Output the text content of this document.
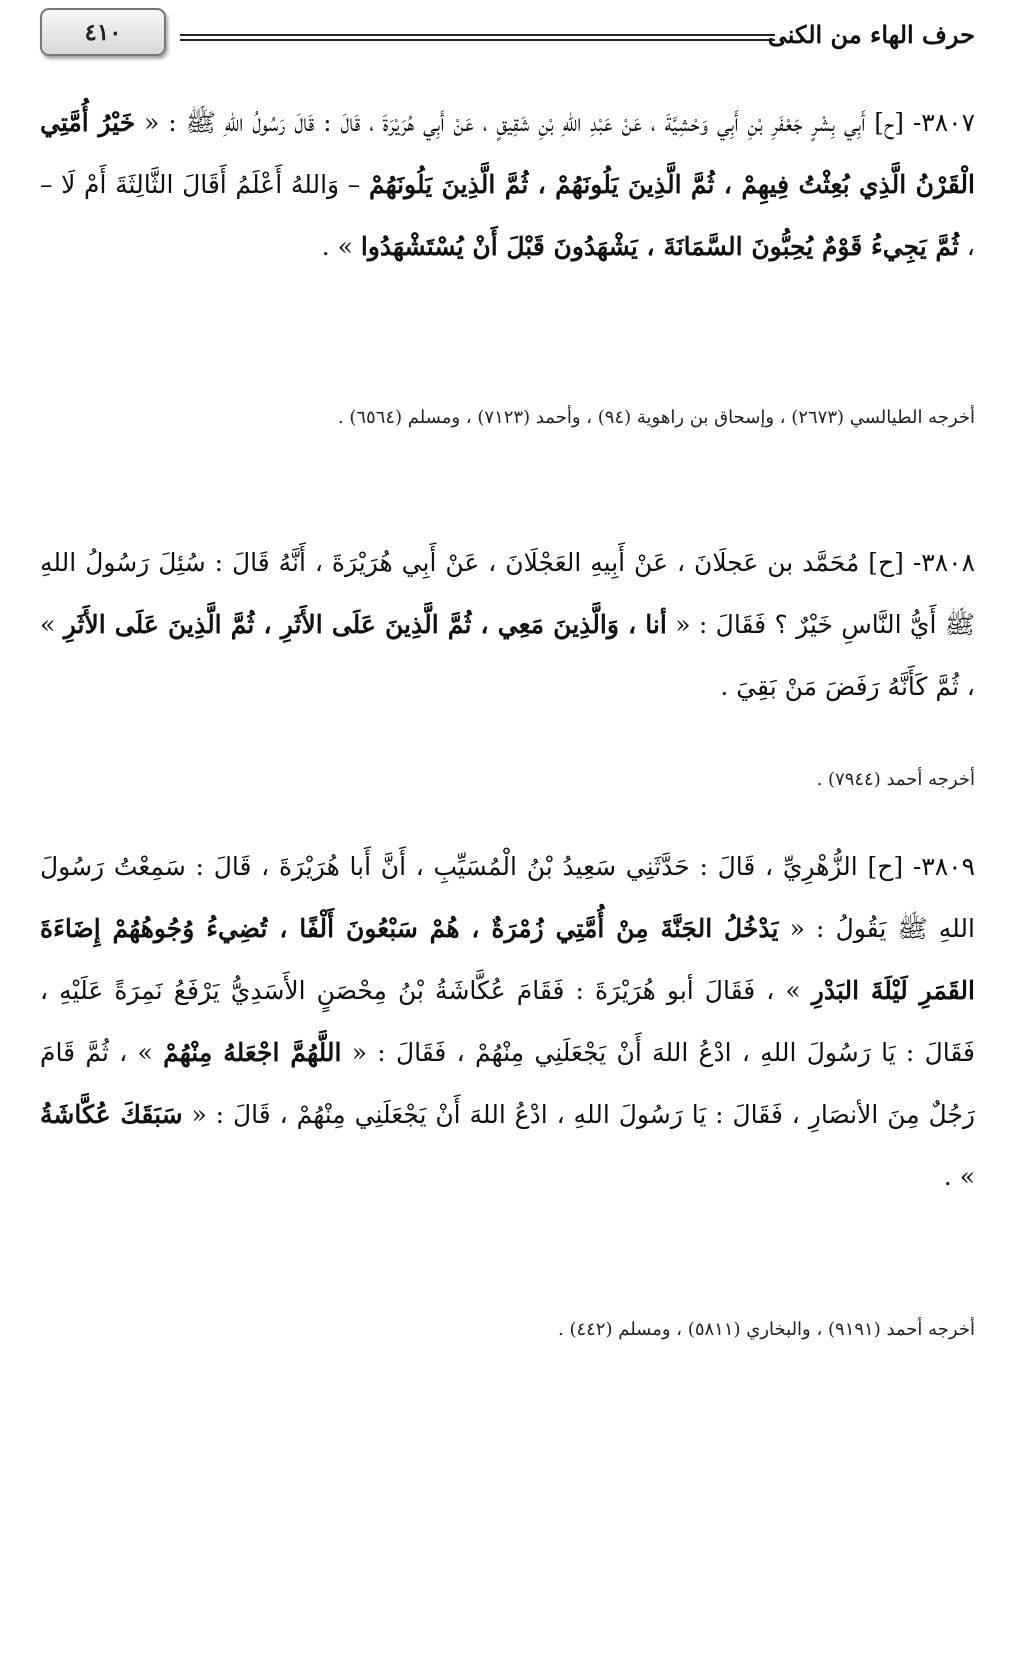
٤١٠	حرف الهاء من الكنى

٣٨٠٧- [ح] أَبِي بِشْرٍ جَعْفَرِ بْنِ أَبِي وَحْشِيَّةَ ، عَنْ عَبْدِ اللهِ بْنِ شَقِيقٍ ، عَنْ أَبِي هُرَيْرَةَ ، قَالَ : قَالَ رَسُولُ اللهِ ﷺ : « خَيْرُ أُمَّتِي الْقَرْنُ الَّذِي بُعِثْتُ فِيهِمْ ، ثُمَّ الَّذِينَ يَلُونَهُمْ ، ثُمَّ الَّذِينَ يَلُونَهُمْ – وَاللهُ أَعْلَمُ أَقَالَ الثَّالِثَةَ أَمْ لَا – ، ثُمَّ يَجِيءُ قَوْمٌ يُحِبُّونَ السَّمَانَةَ ، يَشْهَدُونَ قَبْلَ أَنْ يُسْتَشْهَدُوا » .

أخرجه الطيالسي (٢٦٧٣) ، وإسحاق بن راهوية (٩٤) ، وأحمد (٧١٢٣) ، ومسلم (٦٥٦٤) .

٣٨٠٨- [ح] مُحَمَّد بن عَجلَانَ ، عَنْ أَبِيهِ العَجْلَانَ ، عَنْ أَبِي هُرَيْرَةَ ، أَنَّهُ قَالَ : سُئِلَ رَسُولُ اللهِ ﷺ أَيُّ النَّاسِ خَيْرٌ ؟ فَقَالَ : « أنا ، وَالَّذِينَ مَعِي ، ثُمَّ الَّذِينَ عَلَى الأَثَرِ ، ثُمَّ الَّذِينَ عَلَى الأَثَرِ » ، ثُمَّ كَأَنَّهُ رَفَضَ مَنْ بَقِيَ .

أخرجه أحمد (٧٩٤٤) .

٣٨٠٩- [ح] الزُّهْرِيِّ ، قَالَ : حَدَّثَنِي سَعِيدُ بْنُ الْمُسَيِّبِ ، أَنَّ أَبا هُرَيْرَةَ ، قَالَ : سَمِعْتُ رَسُولَ اللهِ ﷺ يَقُولُ : « يَدْخُلُ الجَنَّةَ مِنْ أُمَّتِي زُمْرَةٌ ، هُمْ سَبْعُونَ أَلْفًا ، تُضِيءُ وُجُوهُهُمْ إِضَاءَةَ القَمَرِ لَيْلَةَ البَدْرِ » ، فَقَالَ أبو هُرَيْرَةَ : فَقَامَ عُكَّاشَةُ بْنُ مِحْصَنٍ الأَسَدِيُّ يَرْفَعُ نَمِرَةً عَلَيْهِ ، فَقَالَ : يَا رَسُولَ اللهِ ، ادْعُ اللهَ أَنْ يَجْعَلَنِي مِنْهُمْ ، فَقَالَ : « اللَّهُمَّ اجْعَلهُ مِنْهُمْ » ، ثُمَّ قَامَ رَجُلٌ مِنَ الأنصَارِ ، فَقَالَ : يَا رَسُولَ اللهِ ، ادْعُ اللهَ أَنْ يَجْعَلَنِي مِنْهُمْ ، قَالَ : « سَبَقَكَ عُكَّاشَةُ » .

أخرجه أحمد (٩١٩١) ، والبخاري (٥٨١١) ، ومسلم (٤٤٢) .
